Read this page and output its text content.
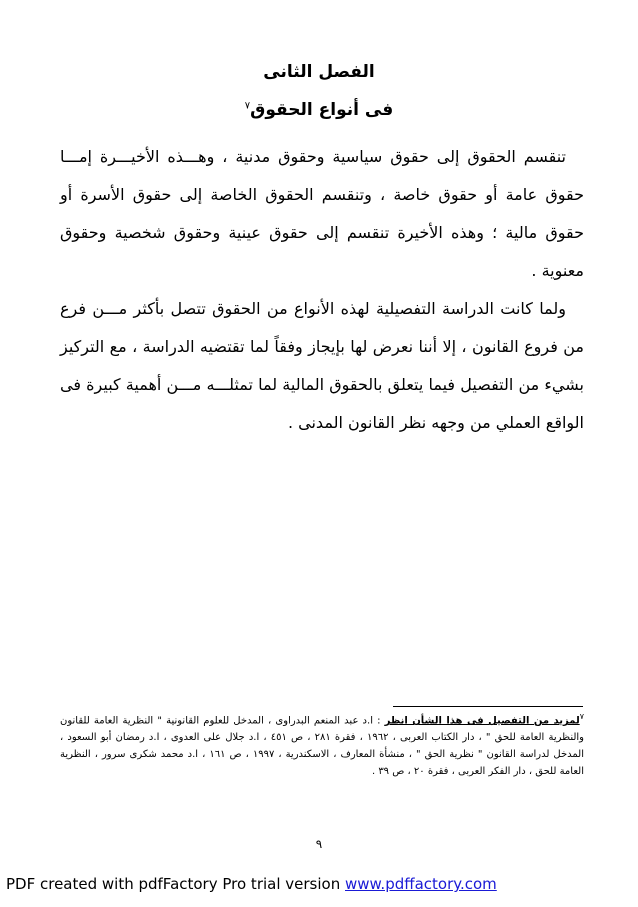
الفصل الثانى
فى أنواع الحقوق$^٧$

تنقسم الحقوق إلى حقوق سياسية وحقوق مدنية ، وهـــذه الأخيـــرة إمـــا حقوق عامة أو حقوق خاصة ، وتنقسم الحقوق الخاصة إلى حقوق الأسرة أو حقوق مالية ؛ وهذه الأخيرة تنقسم إلى حقوق عينية وحقوق شخصية وحقوق معنوية .

ولما كانت الدراسة التفصيلية لهذه الأنواع من الحقوق تتصل بأكثر مـــن فرع من فروع القانون ، إلا أننا نعرض لها بإيجاز وفقاً لما تقتضيه الدراسة ، مع التركيز بشيء من التفصيل فيما يتعلق بالحقوق المالية لما تمثلـــه مـــن أهمية كبيرة فى الواقع العملي من وجهه نظر القانون المدنى .

$^٧$لمزيد من التفصيل فى هذا الشأن انظر : ا.د عبد المنعم البدراوى ، المدخل للعلوم القانونية " النظرية العامة للقانون والنظرية العامة للحق " ، دار الكتاب العربى ، ١٩٦٢ ، فقرة ٢٨١ ، ص ٤٥١ ، ا.د جلال على العدوى ، ا.د رمضان أبو السعود ، المدخل لدراسة القانون " نظرية الحق " ، منشأة المعارف ، الاسكندرية ، ١٩٩٧ ، ص ١٦١ ، ا.د محمد شكرى سرور ، النظرية العامة للحق ، دار الفكر العربى ، فقرة ٢٠ ، ص ٣٩ .
٩
PDF created with pdfFactory Pro trial version www.pdffactory.com
